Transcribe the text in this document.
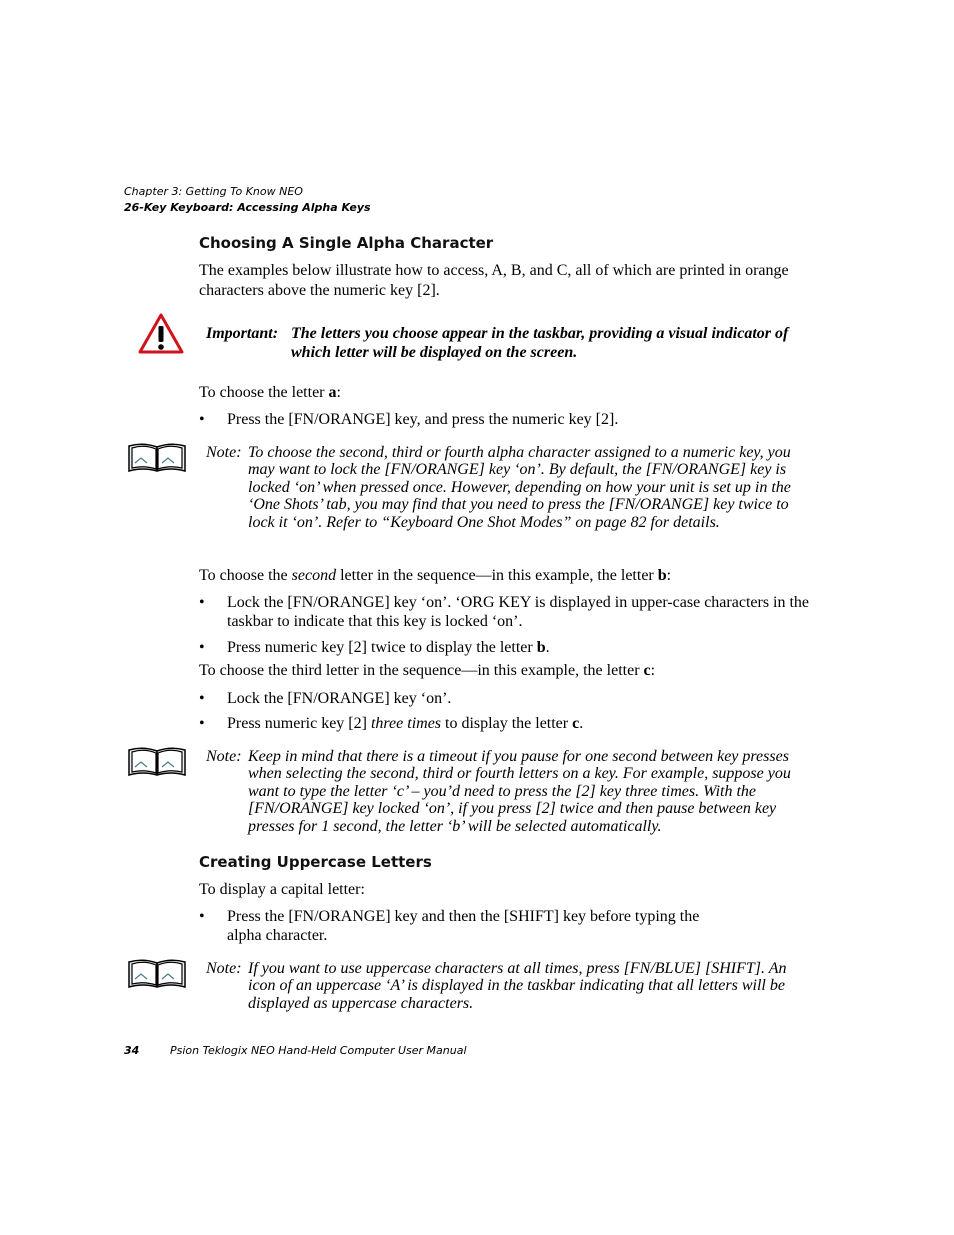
Chapter 3: Getting To Know NEO
26-Key Keyboard: Accessing Alpha Keys
Choosing A Single Alpha Character
The examples below illustrate how to access, A, B, and C, all of which are printed in orange characters above the numeric key [2].
Important: The letters you choose appear in the taskbar, providing a visual indicator of which letter will be displayed on the screen.
To choose the letter a:
• Press the [FN/ORANGE] key, and press the numeric key [2].
Note: To choose the second, third or fourth alpha character assigned to a numeric key, you may want to lock the [FN/ORANGE] key ‘on’. By default, the [FN/ORANGE] key is locked ‘on’ when pressed once. However, depending on how your unit is set up in the ‘One Shots’ tab, you may find that you need to press the [FN/ORANGE] key twice to lock it ‘on’. Refer to “Keyboard One Shot Modes” on page 82 for details.
To choose the second letter in the sequence—in this example, the letter b:
• Lock the [FN/ORANGE] key ‘on’. ‘ORG KEY is displayed in upper-case characters in the taskbar to indicate that this key is locked ‘on’.
• Press numeric key [2] twice to display the letter b.
To choose the third letter in the sequence—in this example, the letter c:
• Lock the [FN/ORANGE] key ‘on’.
• Press numeric key [2] three times to display the letter c.
Note: Keep in mind that there is a timeout if you pause for one second between key presses when selecting the second, third or fourth letters on a key. For example, suppose you want to type the letter ‘c’ – you’d need to press the [2] key three times. With the [FN/ORANGE] key locked ‘on’, if you press [2] twice and then pause between key presses for 1 second, the letter ‘b’ will be selected automatically.
Creating Uppercase Letters
To display a capital letter:
• Press the [FN/ORANGE] key and then the [SHIFT] key before typing the alpha character.
Note: If you want to use uppercase characters at all times, press [FN/BLUE] [SHIFT]. An icon of an uppercase ‘A’ is displayed in the taskbar indicating that all letters will be displayed as uppercase characters.
34	Psion Teklogix NEO Hand-Held Computer User Manual
